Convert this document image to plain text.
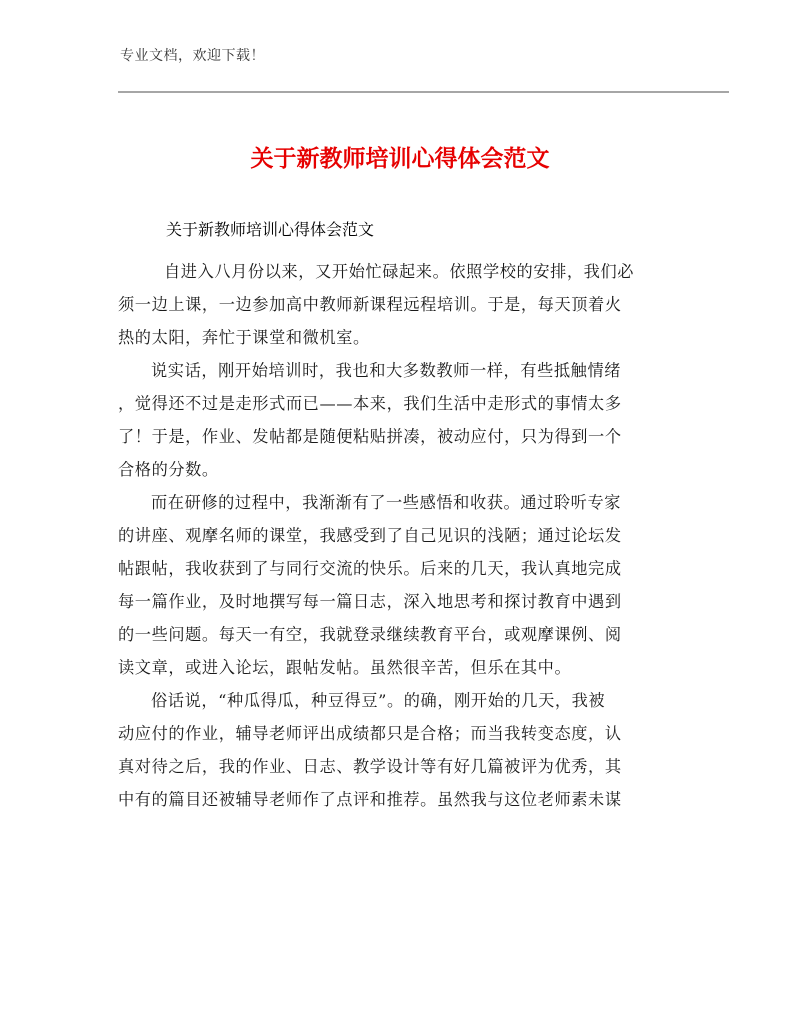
专业文档，欢迎下载！
关于新教师培训心得体会范文
关于新教师培训心得体会范文

自进入八月份以来，又开始忙碌起来。依照学校的安排，我们必
须一边上课，一边参加高中教师新课程远程培训。于是，每天顶着火
热的太阳，奔忙于课堂和微机室。

说实话，刚开始培训时，我也和大多数教师一样，有些抵触情绪
，觉得还不过是走形式而已——本来，我们生活中走形式的事情太多
了！于是，作业、发帖都是随便粘贴拼凑，被动应付，只为得到一个
合格的分数。

而在研修的过程中，我渐渐有了一些感悟和收获。通过聆听专家
的讲座、观摩名师的课堂，我感受到了自己见识的浅陋；通过论坛发
帖跟帖，我收获到了与同行交流的快乐。后来的几天，我认真地完成
每一篇作业，及时地撰写每一篇日志，深入地思考和探讨教育中遇到
的一些问题。每天一有空，我就登录继续教育平台，或观摩课例、阅
读文章，或进入论坛，跟帖发帖。虽然很辛苦，但乐在其中。

俗话说，“种瓜得瓜，种豆得豆”。的确，刚开始的几天，我被
动应付的作业，辅导老师评出成绩都只是合格；而当我转变态度，认
真对待之后，我的作业、日志、教学设计等有好几篇被评为优秀，其
中有的篇目还被辅导老师作了点评和推荐。虽然我与这位老师素未谋
